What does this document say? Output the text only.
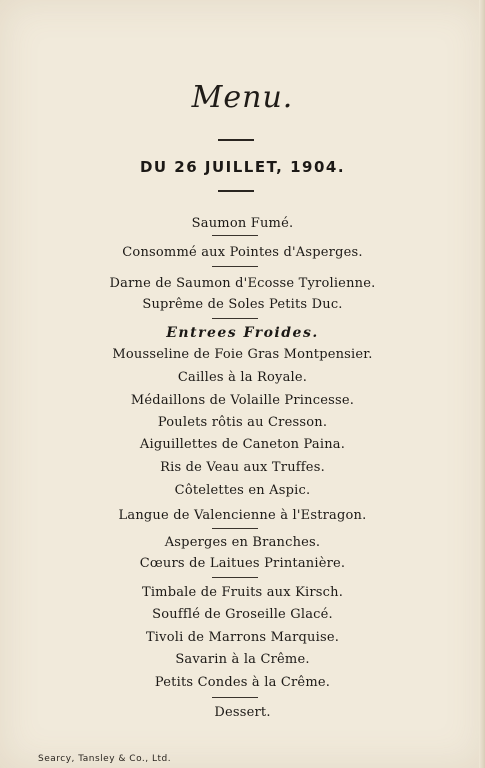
Menu.
DU 26 JUILLET, 1904.
Saumon Fumé.
Consommé aux Pointes d'Asperges.
Darne de Saumon d'Ecosse Tyrolienne.
Suprême de Soles Petits Duc.
Entrees Froides.
Mousseline de Foie Gras Montpensier.
Cailles à la Royale.
Médaillons de Volaille Princesse.
Poulets rôtis au Cresson.
Aiguillettes de Caneton Paina.
Ris de Veau aux Truffes.
Côtelettes en Aspic.
Langue de Valencienne à l'Estragon.
Asperges en Branches.
Cœurs de Laitues Printanière.
Timbale de Fruits aux Kirsch.
Soufflé de Groseille Glacé.
Tivoli de Marrons Marquise.
Savarin à la Crême.
Petits Condes à la Crême.
Dessert.
Searcy, Tansley & Co., Ltd.
